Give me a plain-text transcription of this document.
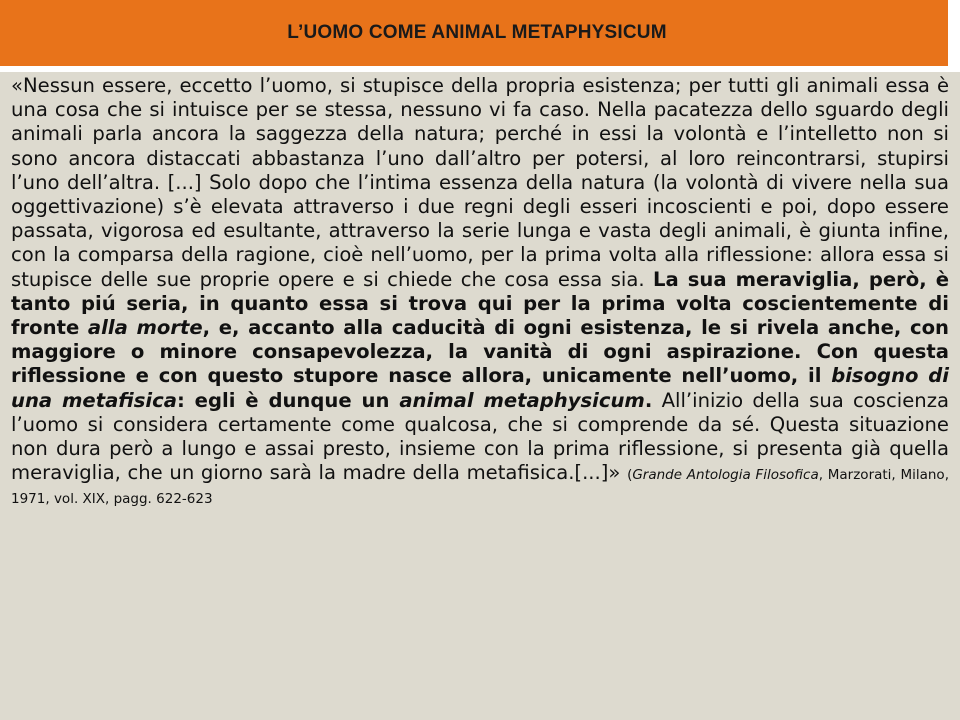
L’UOMO COME ANIMAL METAPHYSICUM

«Nessun essere, eccetto l’uomo, si stupisce della propria esistenza; per tutti gli animali essa è una cosa che si intuisce per se stessa, nessuno vi fa caso. Nella pacatezza dello sguardo degli animali parla ancora la saggezza della natura; perché in essi la volontà e l’intelletto non si sono ancora distaccati abbastanza l’uno dall’altro per potersi, al loro reincontrarsi, stupirsi l’uno dell’altra. [...] Solo dopo che l’intima essenza della natura (la volontà di vivere nella sua oggettivazione) s’è elevata attraverso i due regni degli esseri incoscienti e poi, dopo essere passata, vigorosa ed esultante, attraverso la serie lunga e vasta degli animali, è giunta infine, con la comparsa della ragione, cioè nell’uomo, per la prima volta alla riflessione: allora essa si stupisce delle sue proprie opere e si chiede che cosa essa sia. La sua meraviglia, però, è tanto piú seria, in quanto essa si trova qui per la prima volta coscientemente di fronte alla morte, e, accanto alla caducità di ogni esistenza, le si rivela anche, con maggiore o minore consapevolezza, la vanità di ogni aspirazione. Con questa riflessione e con questo stupore nasce allora, unicamente nell’uomo, il bisogno di una metafisica: egli è dunque un animal metaphysicum. All’inizio della sua coscienza l’uomo si considera certamente come qualcosa, che si comprende da sé. Questa situazione non dura però a lungo e assai presto, insieme con la prima riflessione, si presenta già quella meraviglia, che un giorno sarà la madre della metafisica.[...]» (Grande Antologia Filosofica, Marzorati, Milano, 1971, vol. XIX, pagg. 622-623
